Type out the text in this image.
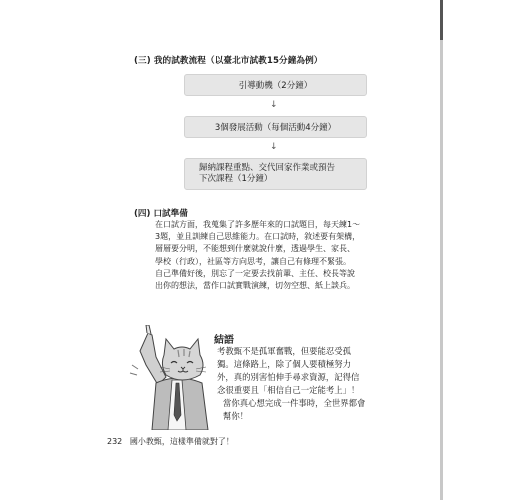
(三) 我的試教流程（以臺北市試教15分鐘為例）
引導動機（2分鐘）
↓
3個發展活動（每個活動4分鐘）
↓
歸納課程重點、交代回家作業或預告
下次課程（1分鐘）
(四) 口試準備
在口試方面，我蒐集了許多歷年來的口試題目，每天練1～
3題，並且訓練自己思維能力。在口試時，敘述要有架構，
層層要分明，不能想到什麼就說什麼，透過學生、家長、
學校（行政），社區等方向思考，讓自己有條理不緊張。
自己準備好後，別忘了一定要去找前輩、主任、校長等說
出你的想法，當作口試實戰演練，切勿空想、紙上談兵。
結語
考教甄不是孤軍奮戰，但要能忍受孤
獨。這條路上，除了個人要積極努力
外，真的別害怕伸手尋求資源，記得信
念很重要且「相信自己一定能考上」！
當你真心想完成一件事時，全世界都會
幫你！
232 國小教甄，這樣準備就對了！
